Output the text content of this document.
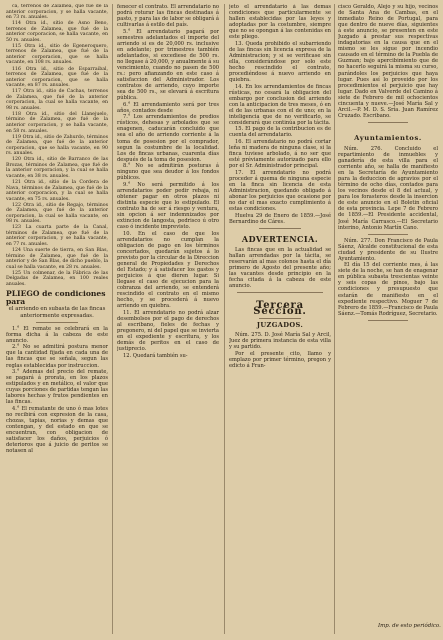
ca, terrenos de Zalamea, que fué de la anterior corporacion, y se halla vacante, en 73 rs. anuales.

114 Otra id., sitio de Asno Beno, terrenos de Zalamea, que fué de la anterior corporacion, se halla vacante, en 50 rs. anuales.

115 Otra id., sitio de Egeneroquero, terrenos de Zalamea, que fué de la anterior corporacion, que se halla vacante, en 108 rs. anuales.

116 Otra id., sitio de Esparraibal, terrenos de Zalamea, que fué de la anterior corporacion, que se halla vacante, en 87 rs. anuales.

117 Otra id., sitio de Cachas, terrenos de Zalamea, que fué de la anterior corporacion, la cual se halla vacante, en 98 rs. anuales.

118 Otra id., sitio del Llanejuelo, término de Zalamea, que fué de la anterior corporacion, y se halla vacante, en 58 rs. anuales.

119 Otra id., sitio de Zahurdo, términos de Zalamea, que fué de la anterior corporacion, que se halla vacante, en 90 rs. anuales.

120 Otra id., sitio de Barranco de las Brozas, términos de Zalamea, que fué de la anterior corporacion, y la cual se halla vacante, en 38 rs. anuales.

121 Otra id., sitio de la Cordera de Nava, términos de Zalamea, que fué de la anterior corporacion, y la cual se halla vacante, en 75 rs. anuales.

122 Otra id., sitio de Regajo, términos de Zalamea, que fué de la anterior corporacion, la cual se halla vacante, en 98 rs. anuales.

123 La cuarta parte de la Canal, términos de Zalamea, que fué de la anterior corporacion, y se halla vacante, en 77 rs. anuales.

124 Una suerte de tierra, en San Blas, término de Zalamea, que fué de la anterior y de San Blas, de dicho pueblo, la cual se halla vacante, en 28 rs. anuales.

125 Un colmenar, de la Fábrica de las Delgadas de Zalamea, en 100 reales anuales.

PLIEGO de condiciones para

el arriendo en subasta de las fincas anteriormente expresadas.

1.° El remate se celebrará en la forma dicha á la cabeza de este anuncio.

2.° No se admitirá postura menor que la cantidad fijada en cada una de las fincas que se señala, segun las reglas establecidas por instruccion.

3.° Ademas del precio del remate, se pagará á prorata, en los plazos estipulados y en metálico, el valor que cuyas porciones de partidas tengan las labores hechas y frutos pendientes en las fincas.

4.° El rematante de uno ó mas lotes no recibirá con expresion de la casa, chozas, tapias, norias y demas que contengan, y del estado en que se encuentran, con obligacion de satisfacer los daños, perjuicios ó deterioros que á juicio de peritos se notasen al

fenecer el contrato. El arrendatario no podrá roturar las fincas destinadas á pasto, y para las de labor se obligará á cultivarlas á estilo del país.

5.° El arrendatario pagará por semestres adelantados el importe del arriendo si es de 20,000 rs. inclusive en adelante; por trimestres también adelantados, si excediese de 500 rs. no llegase á 20,000, y anualmente á su vencimiento, cuando no pasen de 500 rs.: pero afianzando en este caso á satisfaccion del Administrador. Los contratos de arriendo, cuyo importe sea de 500 rs., se elevará á escritura pública.

6.° El arrendamiento será por tres años, contados desde

7.° Los arrendamientos de predios rústicos, dehesas y arbolados que se enagenen, caducarán concluido que sea el año de arriendo corriente á la toma de posesion por el comprador, segun la costumbre de la localidad. Los de fincas urbanas, cuarenta días después de la toma de posesion.

8.° No se admitirán posturas á ninguno que sea deudor á los fondos públicos.

9.° No será permitido á los arrendatarios poder pedir rebaja, ni obtener pagar en otros plazos ni distinta especie que lo estipulado. El contrato ha de ser á riesgo y ventura, sin opcion á ser indemnizados por extincion de langosta, pedrisco ú otro caso ó incidente imprevisto.

10. En el caso de que los arrendatarios no cumplan la obligacion de pago en los términos concertados, quedarán sujetos á lo previsto por la circular de la Direccion general de Propiedades y Derechos del Estado; y á satisfacer los gastos y perjuicios á que dieren lugar. Si llegase el caso de ejecucion para la cobranza del arriendo, se entenderá rescindido el contrato en el mismo hecho, y se procederá á nuevo arriendo en quiebra.

11. El arrendatario no podrá alzar desembolsos por el pago de derechos al escribano, fieles de fechas y pregonero, ni del papel que se invierta en el expediente y escritura, y los demás de peritos en el caso de justiprecio.

12. Quedará también su-

jeto el arrendatario á las demas condiciones que particularmente se hallen establecidas por las leyes y adoptadas por la costumbre, siempre que no se opongan á las contenidas en este pliego.

13. Queda prohibido el subarriendo de las fincas sin licencia expresa de la Administracion; y si se verificase sin ella, considerándose por solo este hecho rescindido el contrato, procediéndose á nuevo arriendo en quiebra.

14. En los arrendamientos de fincas rústicas, no cesará la obligacion del embargo por conclusion del arriendo con la anticipacion de tres meses, ó en el de las urbanas con el de uno; en la inteligencia que de no verificarlo, se considerará que continúa por la tácita.

15. El pago de la contribucion es de cuenta del arrendatario.

16. El arrendatario no podrá cortar leña ni madera de ninguna clase, si la finca tuviese arbolado, á no ser que esté préviamente autorizado para ello por el Sr. Administrador principal.

17. El arrendatario no podrá proceder á quema de ninguna especie en la finca sin licencia de esta Administracion, quedando obligado á abonar los perjuicios que ocasione por no dar el mas exacto cumplimiento á estas condiciones.

Huelva 29 de Enero de 1859.—José Bernardino de Cáres.

ADVERTENCIA.

Las fincas que en la actualidad se hallan arrendadas por la tácita, se reservarán al mas colonos hasta el día primero de Agosto del presente año; las vacantes desde principio en la fecha citada á la cabeza de este anuncio.

Tercera Seccion.

JUZGADOS.

Núm. 275. D. José María Sal y Arcil, Juez de primera instancia de esta villa y su partido.

Por el presente cito, llamo y emplazo por primer término, pregon y edicto á Fran-

cisco Geraldo, Alejo y su hijo, vecinos de Santa Ana de Cambas, en el inmediato Reino de Portugal, para que dentro de nueve días, siguientes á este anuncio, se presenten en este Juzgado á prestar sus respectivas indagatorias en la causa que en el mismo se les sigue por incendio causado en el término de la Puebla de Guzman; bajo apercibimiento que de no hacerlo seguirá la misma su curso, parándoles los perjuicios que haya lugar. Pues así lo proveido por los procedimientos el perjuicio que hay lugar. Dado en Valverde del Camino á siete de Febrero de mil ochocientos cincuenta y nueve.—José María Sal y Arcil.—P. M. D. S. Sría. Juan Ramírez Cruzado. Escribano.

Ayuntamientos.

Núm. 276. Concluido el repartimiento de inmuebles y ganadería de esta villa para el corriente año, se halla de manifiesto en la Secretaría de Ayuntamiento para la deduccion de agravios por el término de ocho días, contados para los vecinos desde el 8 del actual, y para los forasteros desde la insercion de este anuncio en el Boletin oficial de esta provincia. Lepe 7 de Febrero de 1859.—El Presidente accidental, José María Carrasco.—El Secretario interino, Antonio Martín Cano.

Núm. 277. Don Francisco de Paula Sáenz, Alcalde constitucional de esta ciudad y presidente de su Ilustre Ayuntamiento.

El día 15 del corriente mes, á las siete de la noche, se han de enagenar en pública subasta trescientas veinte y seis copas de pinos, bajo las condiciones y presupuesto que estarán de manifiesto en el expediente respectivo. Moguer 7 de Febrero de 1859.—Francisco de Paula Sáenz.—Tomás Rodríguez, Secretario.

Imp. de esto periódico.
